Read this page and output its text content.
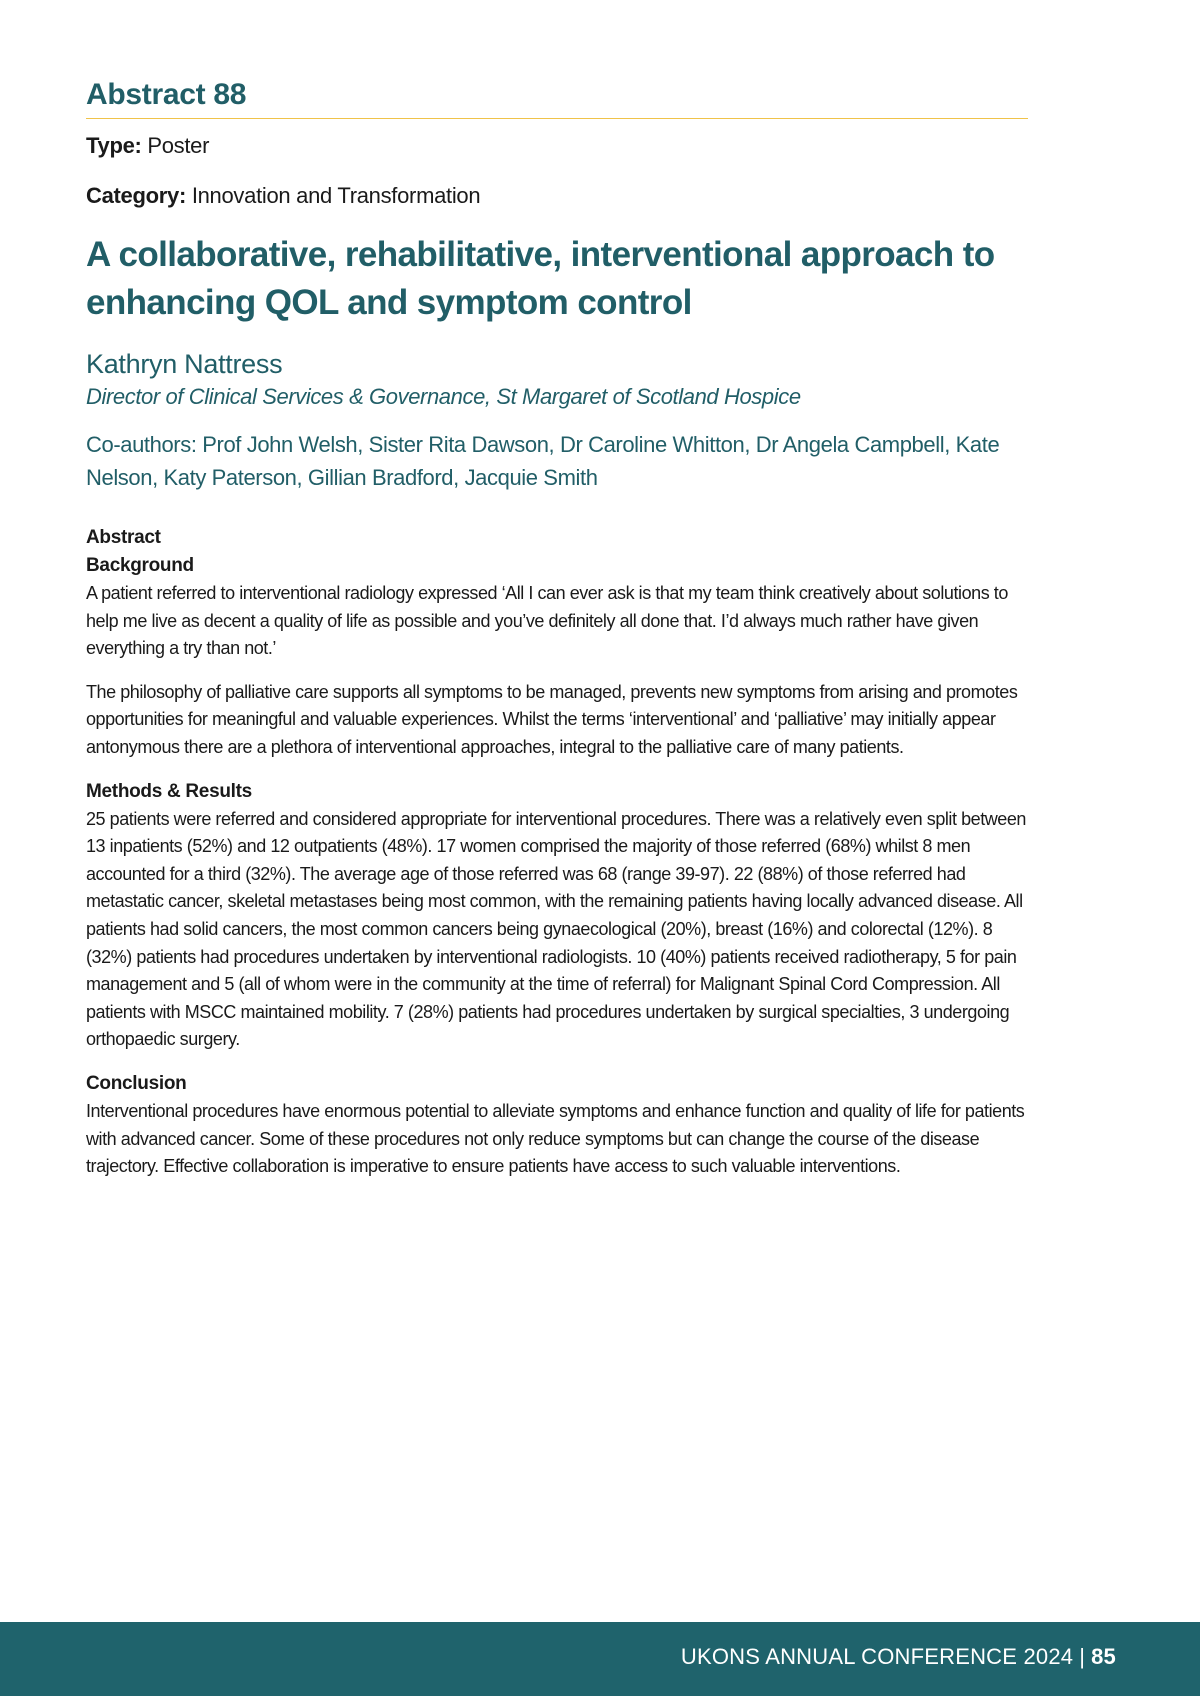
Abstract 88

Type: Poster

Category: Innovation and Transformation

A collaborative, rehabilitative, interventional approach to enhancing QOL and symptom control

Kathryn Nattress

Director of Clinical Services & Governance, St Margaret of Scotland Hospice

Co-authors: Prof John Welsh, Sister Rita Dawson, Dr Caroline Whitton, Dr Angela Campbell, Kate Nelson, Katy Paterson, Gillian Bradford, Jacquie Smith

Abstract
Background

A patient referred to interventional radiology expressed ‘All I can ever ask is that my team think creatively about solutions to help me live as decent a quality of life as possible and you’ve definitely all done that. I’d always much rather have given everything a try than not.’

The philosophy of palliative care supports all symptoms to be managed, prevents new symptoms from arising and promotes opportunities for meaningful and valuable experiences. Whilst the terms ‘interventional’ and ‘palliative’ may initially appear antonymous there are a plethora of interventional approaches, integral to the palliative care of many patients.

Methods & Results

25 patients were referred and considered appropriate for interventional procedures. There was a relatively even split between 13 inpatients (52%) and 12 outpatients (48%). 17 women comprised the majority of those referred (68%) whilst 8 men accounted for a third (32%). The average age of those referred was 68 (range 39-97). 22 (88%) of those referred had metastatic cancer, skeletal metastases being most common, with the remaining patients having locally advanced disease. All patients had solid cancers, the most common cancers being gynaecological (20%), breast (16%) and colorectal (12%). 8 (32%) patients had procedures undertaken by interventional radiologists. 10 (40%) patients received radiotherapy, 5 for pain management and 5 (all of whom were in the community at the time of referral) for Malignant Spinal Cord Compression. All patients with MSCC maintained mobility. 7 (28%) patients had procedures undertaken by surgical specialties, 3 undergoing orthopaedic surgery.

Conclusion

Interventional procedures have enormous potential to alleviate symptoms and enhance function and quality of life for patients with advanced cancer. Some of these procedures not only reduce symptoms but can change the course of the disease trajectory. Effective collaboration is imperative to ensure patients have access to such valuable interventions.

UKONS ANNUAL CONFERENCE 2024 | 85
